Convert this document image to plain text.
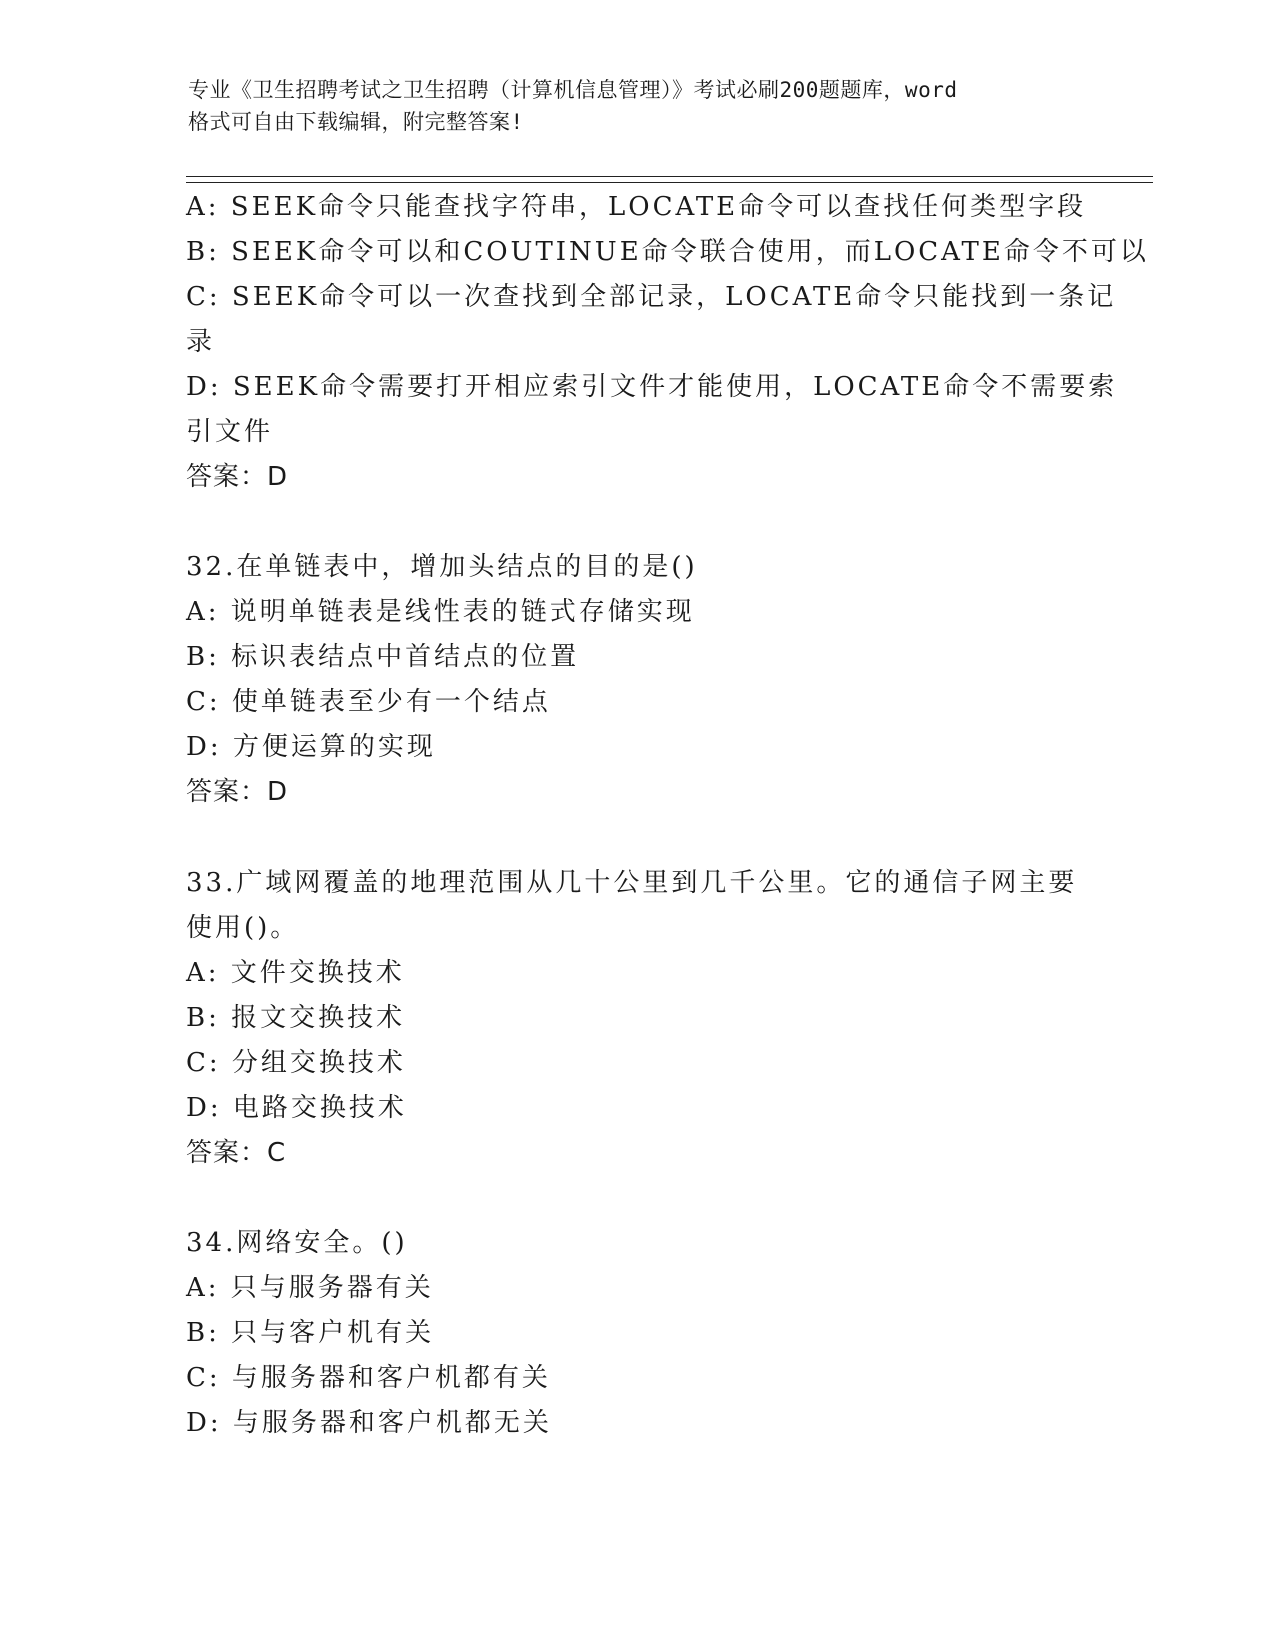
专业《卫生招聘考试之卫生招聘（计算机信息管理）》考试必刷200题题库，word
格式可自由下载编辑，附完整答案!
A: SEEK命令只能查找字符串，LOCATE命令可以查找任何类型字段
B: SEEK命令可以和COUTINUE命令联合使用，而LOCATE命令不可以
C: SEEK命令可以一次查找到全部记录，LOCATE命令只能找到一条记
录
D: SEEK命令需要打开相应索引文件才能使用，LOCATE命令不需要索
引文件
答案：D
32.在单链表中，增加头结点的目的是()
A: 说明单链表是线性表的链式存储实现
B: 标识表结点中首结点的位置
C: 使单链表至少有一个结点
D: 方便运算的实现
答案：D
33.广域网覆盖的地理范围从几十公里到几千公里。它的通信子网主要
使用()。
A: 文件交换技术
B: 报文交换技术
C: 分组交换技术
D: 电路交换技术
答案：C
34.网络安全。()
A: 只与服务器有关
B: 只与客户机有关
C: 与服务器和客户机都有关
D: 与服务器和客户机都无关
